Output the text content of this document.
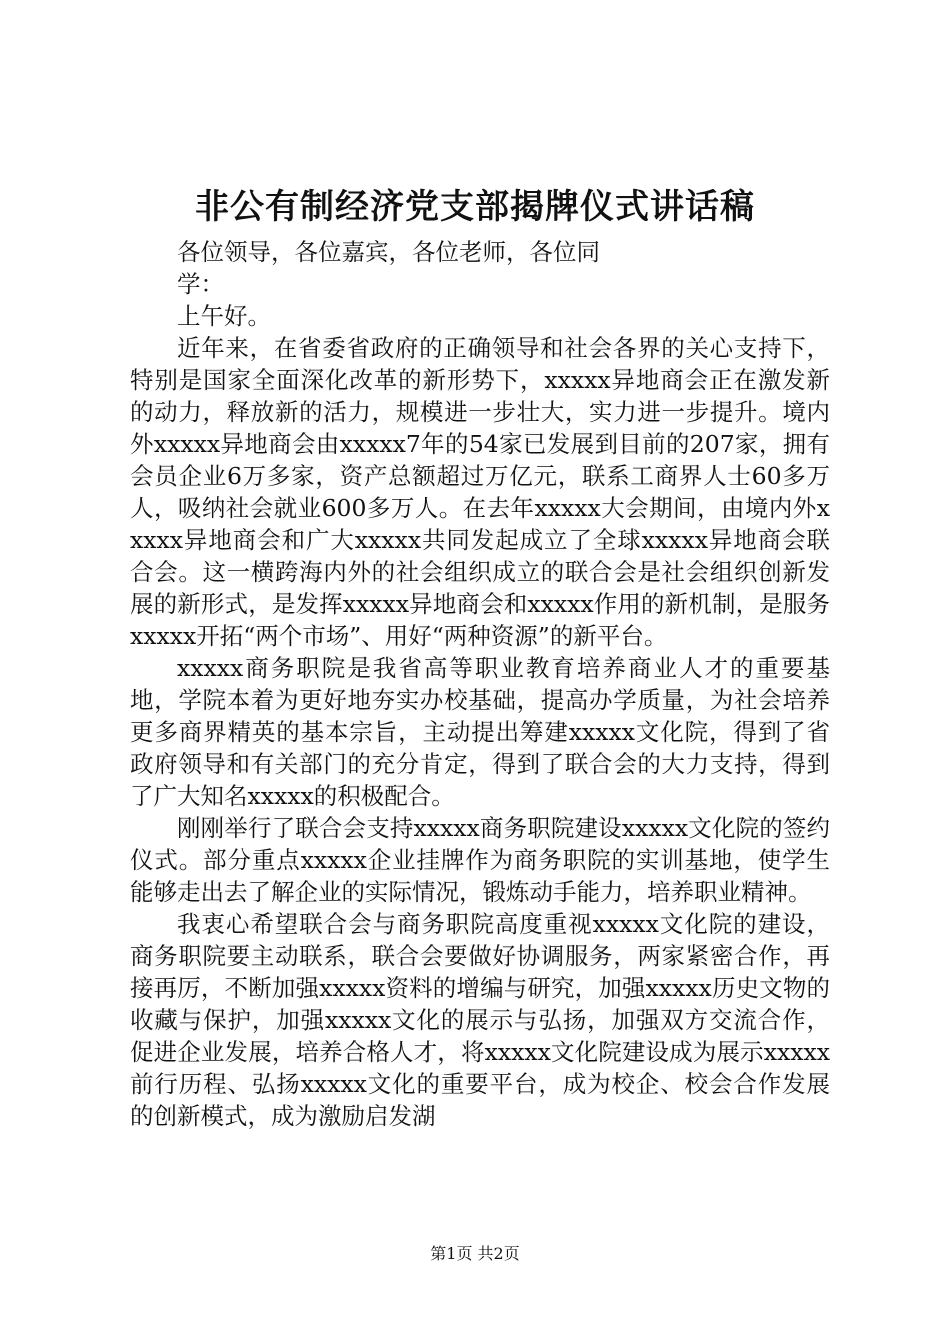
非公有制经济党支部揭牌仪式讲话稿

各位领导，各位嘉宾，各位老师，各位同学：

上午好。

近年来，在省委省政府的正确领导和社会各界的关心支持下，特别是国家全面深化改革的新形势下，xxxxx异地商会正在激发新的动力，释放新的活力，规模进一步壮大，实力进一步提升。境内外xxxxx异地商会由xxxxx7年的54家已发展到目前的207家，拥有会员企业6万多家，资产总额超过万亿元，联系工商界人士60多万人，吸纳社会就业600多万人。在去年xxxxx大会期间，由境内外xxxxx异地商会和广大xxxxx共同发起成立了全球xxxxx异地商会联合会。这一横跨海内外的社会组织成立的联合会是社会组织创新发展的新形式，是发挥xxxxx异地商会和xxxxx作用的新机制，是服务xxxxx开拓“两个市场”、用好“两种资源”的新平台。

xxxxx商务职院是我省高等职业教育培养商业人才的重要基地，学院本着为更好地夯实办校基础，提高办学质量，为社会培养更多商界精英的基本宗旨，主动提出筹建xxxxx文化院，得到了省政府领导和有关部门的充分肯定，得到了联合会的大力支持，得到了广大知名xxxxx的积极配合。

刚刚举行了联合会支持xxxxx商务职院建设xxxxx文化院的签约仪式。部分重点xxxxx企业挂牌作为商务职院的实训基地，使学生能够走出去了解企业的实际情况，锻炼动手能力，培养职业精神。

我衷心希望联合会与商务职院高度重视xxxxx文化院的建设，商务职院要主动联系，联合会要做好协调服务，两家紧密合作，再接再厉，不断加强xxxxx资料的增编与研究，加强xxxxx历史文物的收藏与保护，加强xxxxx文化的展示与弘扬，加强双方交流合作，促进企业发展，培养合格人才，将xxxxx文化院建设成为展示xxxxx前行历程、弘扬xxxxx文化的重要平台，成为校企、校会合作发展的创新模式，成为激励启发湖

第1页 共2页
